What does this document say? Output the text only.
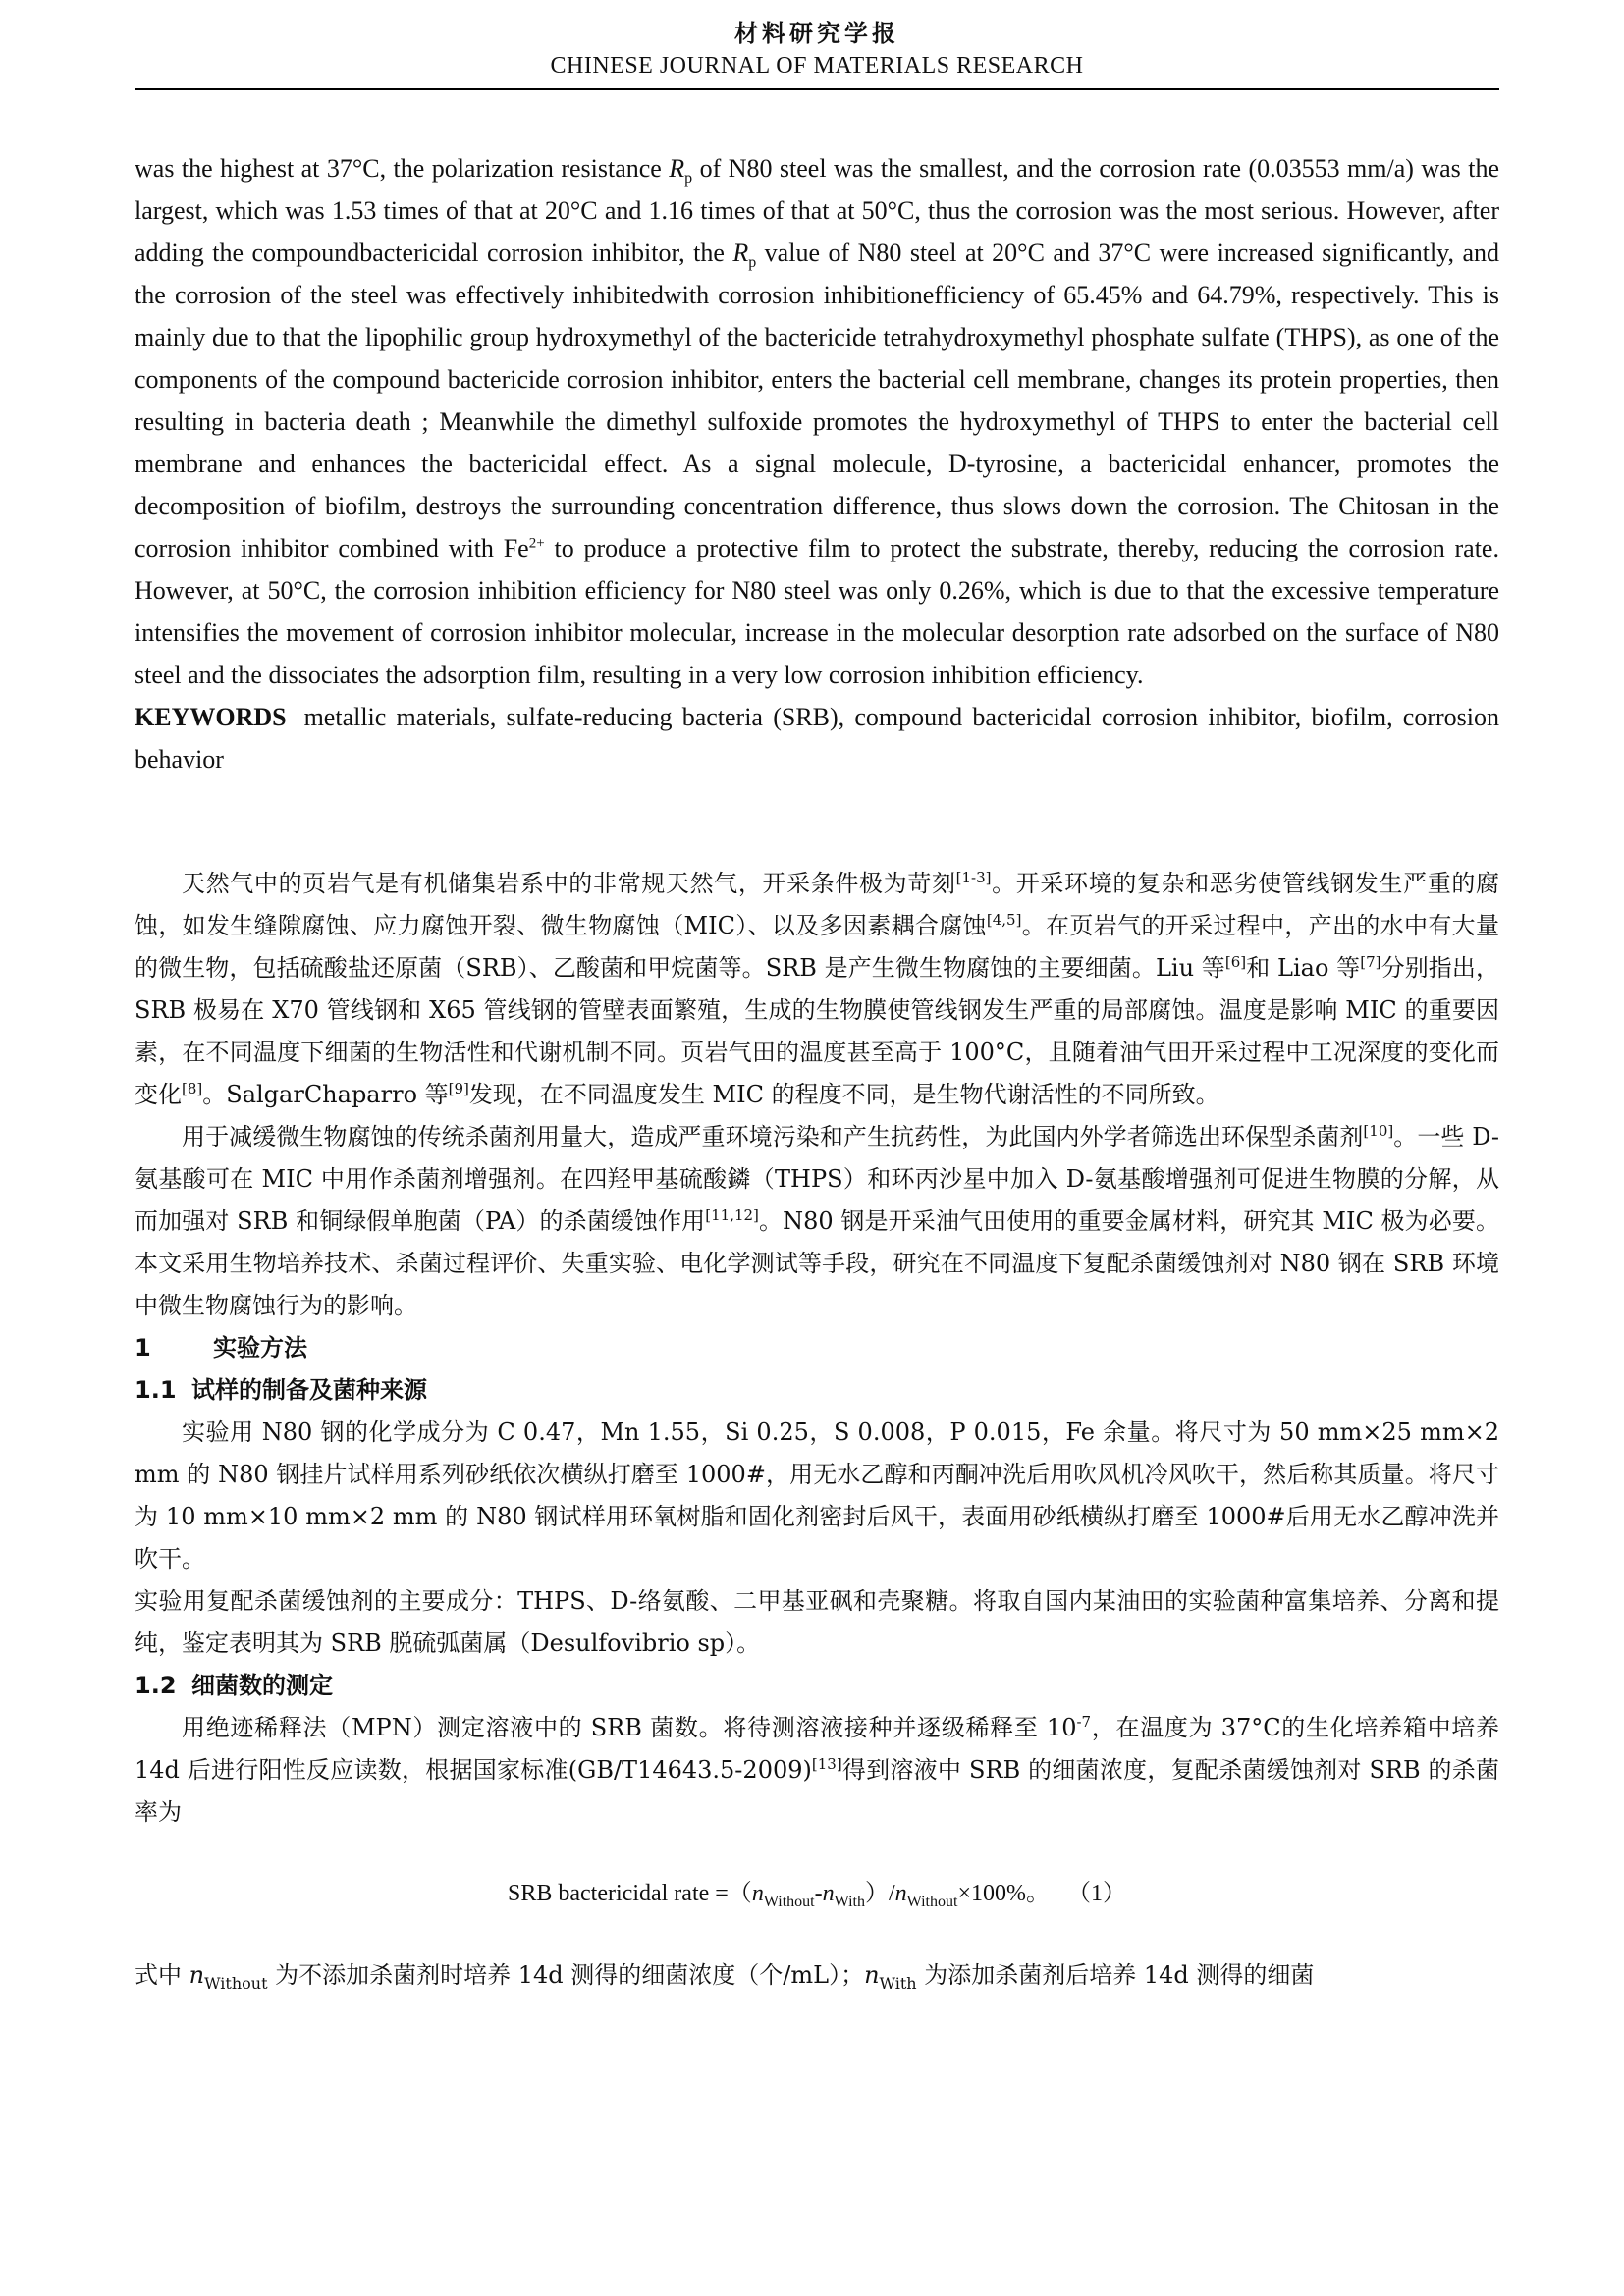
材料研究学报
CHINESE JOURNAL OF MATERIALS RESEARCH

was the highest at 37°C, the polarization resistance $R_p$ of N80 steel was the smallest, and the corrosion rate (0.03553 mm/a) was the largest, which was 1.53 times of that at 20°C and 1.16 times of that at 50°C, thus the corrosion was the most serious. However, after adding the compoundbactericidal corrosion inhibitor, the $R_p$ value of N80 steel at 20°C and 37°C were increased significantly, and the corrosion of the steel was effectively inhibitedwith corrosion inhibitionefficiency of 65.45% and 64.79%, respectively. This is mainly due to that the lipophilic group hydroxymethyl of the bactericide tetrahydroxymethyl phosphate sulfate (THPS), as one of the components of the compound bactericide corrosion inhibitor, enters the bacterial cell membrane, changes its protein properties, then resulting in bacteria death ; Meanwhile the dimethyl sulfoxide promotes the hydroxymethyl of THPS to enter the bacterial cell membrane and enhances the bactericidal effect. As a signal molecule, D-tyrosine, a bactericidal enhancer, promotes the decomposition of biofilm, destroys the surrounding concentration difference, thus slows down the corrosion. The Chitosan in the corrosion inhibitor combined with $Fe^{2+}$ to produce a protective film to protect the substrate, thereby, reducing the corrosion rate. However, at 50°C, the corrosion inhibition efficiency for N80 steel was only 0.26%, which is due to that the excessive temperature intensifies the movement of corrosion inhibitor molecular, increase in the molecular desorption rate adsorbed on the surface of N80 steel and the dissociates the adsorption film, resulting in a very low corrosion inhibition efficiency.

KEYWORDS metallic materials, sulfate-reducing bacteria (SRB), compound bactericidal corrosion inhibitor, biofilm, corrosion behavior

天然气中的页岩气是有机储集岩系中的非常规天然气，开采条件极为苛刻[1-3]。开采环境的复杂和恶劣使管线钢发生严重的腐蚀，如发生缝隙腐蚀、应力腐蚀开裂、微生物腐蚀（MIC）、以及多因素耦合腐蚀[4,5]。在页岩气的开采过程中，产出的水中有大量的微生物，包括硫酸盐还原菌（SRB）、乙酸菌和甲烷菌等。SRB 是产生微生物腐蚀的主要细菌。Liu 等[6]和 Liao 等[7]分别指出，SRB 极易在 X70 管线钢和 X65 管线钢的管壁表面繁殖，生成的生物膜使管线钢发生严重的局部腐蚀。温度是影响 MIC 的重要因素，在不同温度下细菌的生物活性和代谢机制不同。页岩气田的温度甚至高于 100°C，且随着油气田开采过程中工况深度的变化而变化[8]。SalgarChaparro 等[9]发现，在不同温度发生 MIC 的程度不同，是生物代谢活性的不同所致。

用于减缓微生物腐蚀的传统杀菌剂用量大，造成严重环境污染和产生抗药性，为此国内外学者筛选出环保型杀菌剂[10]。一些 D-氨基酸可在 MIC 中用作杀菌剂增强剂。在四羟甲基硫酸鏻（THPS）和环丙沙星中加入 D-氨基酸增强剂可促进生物膜的分解，从而加强对 SRB 和铜绿假单胞菌（PA）的杀菌缓蚀作用[11,12]。N80 钢是开采油气田使用的重要金属材料，研究其 MIC 极为必要。本文采用生物培养技术、杀菌过程评价、失重实验、电化学测试等手段，研究在不同温度下复配杀菌缓蚀剂对 N80 钢在 SRB 环境中微生物腐蚀行为的影响。

1	实验方法

1.1 试样的制备及菌种来源

实验用 N80 钢的化学成分为 C 0.47，Mn 1.55，Si 0.25，S 0.008，P 0.015，Fe 余量。将尺寸为 50 mm×25 mm×2 mm 的 N80 钢挂片试样用系列砂纸依次横纵打磨至 1000#，用无水乙醇和丙酮冲洗后用吹风机冷风吹干，然后称其质量。将尺寸为 10 mm×10 mm×2 mm 的 N80 钢试样用环氧树脂和固化剂密封后风干，表面用砂纸横纵打磨至 1000#后用无水乙醇冲洗并吹干。

实验用复配杀菌缓蚀剂的主要成分：THPS、D-络氨酸、二甲基亚砜和壳聚糖。将取自国内某油田的实验菌种富集培养、分离和提纯，鉴定表明其为 SRB 脱硫弧菌属（Desulfovibrio sp）。

1.2 细菌数的测定

用绝迹稀释法（MPN）测定溶液中的 SRB 菌数。将待测溶液接种并逐级稀释至 $10^{-7}$，在温度为 37°C的生化培养箱中培养 14d 后进行阳性反应读数，根据国家标准(GB/T14643.5-2009)[13]得到溶液中 SRB 的细菌浓度，复配杀菌缓蚀剂对 SRB 的杀菌率为

SRB bactericidal rate $=(n_{Without}-n_{With})/n_{Without}\times 100\%$。 （1）

式中 $n_{Without}$ 为不添加杀菌剂时培养 14d 测得的细菌浓度（个/mL）；$n_{With}$ 为添加杀菌剂后培养 14d 测得的细菌
